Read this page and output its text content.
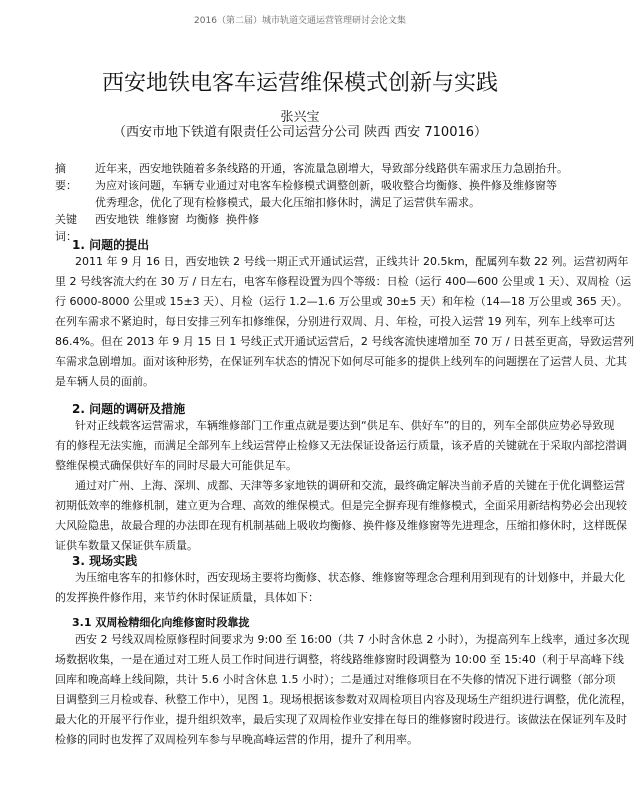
2016（第二届）城市轨道交通运营管理研讨会论文集
西安地铁电客车运营维保模式创新与实践
张兴宝
（西安市地下铁道有限责任公司运营分公司 陕西 西安 710016）
摘　要：
近年来，西安地铁随着多条线路的开通，客流量急剧增大，导致部分线路供车需求压力急剧抬升。
为应对该问题，车辆专业通过对电客车检修模式调整创新，吸收整合均衡修、换件修及维修窗等
优秀理念，优化了现有检修模式，最大化压缩扣修休时，满足了运营供车需求。
关键词：
西安地铁  维修窗  均衡修  换件修
1. 问题的提出
2011 年 9 月 16 日，西安地铁 2 号线一期正式开通试运营，正线共计 20.5km，配属列车数 22 列。运营初两年
里 2 号线客流大约在 30 万 / 日左右，电客车修程设置为四个等级：日检（运行 400—600 公里或 1 天）、双周检（运
行 6000-8000 公里或 15±3 天）、月检（运行 1.2—1.6 万公里或 30±5 天）和年检（14—18 万公里或 365 天）。
在列车需求不紧迫时，每日安排三列车扣修维保，分别进行双周、月、年检，可投入运营 19 列车，列车上线率可达
86.4%。但在 2013 年 9 月 15 日 1 号线正式开通试运营后，2 号线客流快速增加至 70 万 / 日甚至更高，导致运营列
车需求急剧增加。面对该种形势，在保证列车状态的情况下如何尽可能多的提供上线列车的问题摆在了运营人员、尤其
是车辆人员的面前。
2. 问题的调研及措施
针对正线载客运营需求，车辆维修部门工作重点就是要达到“供足车、供好车”的目的，列车全部供应势必导致现
有的修程无法实施，而满足全部列车上线运营停止检修又无法保证设备运行质量，该矛盾的关键就在于采取内部挖潜调
整维保模式确保供好车的同时尽最大可能供足车。
通过对广州、上海、深圳、成都、天津等多家地铁的调研和交流，最终确定解决当前矛盾的关键在于优化调整运营
初期低效率的维修机制，建立更为合理、高效的维保模式。但是完全摒弃现有维修模式，全面采用新结构势必会出现较
大风险隐患，故最合理的办法即在现有机制基础上吸收均衡修、换件修及维修窗等先进理念，压缩扣修休时，这样既保
证供车数量又保证供车质量。
3. 现场实践
为压缩电客车的扣修休时，西安现场主要将均衡修、状态修、维修窗等理念合理利用到现有的计划修中，并最大化
的发挥换件修作用，来节约休时保证质量，具体如下：
3.1 双周检精细化向维修窗时段靠拢
西安 2 号线双周检原修程时间要求为 9:00 至 16:00（共 7 小时含休息 2 小时），为提高列车上线率，通过多次现
场数据收集，一是在通过对工班人员工作时间进行调整，将线路维修窗时段调整为 10:00 至 15:40（利于早高峰下线
回库和晚高峰上线间隙，共计 5.6 小时含休息 1.5 小时）；二是通过对维修项目在不失修的情况下进行调整（部分项
目调整到三月检或春、秋整工作中），见图 1。现场根据该参数对双周检项目内容及现场生产组织进行调整，优化流程，
最大化的开展平行作业，提升组织效率，最后实现了双周检作业安排在每日的维修窗时段进行。该做法在保证列车及时
检修的同时也发挥了双周检列车参与早晚高峰运营的作用，提升了利用率。
